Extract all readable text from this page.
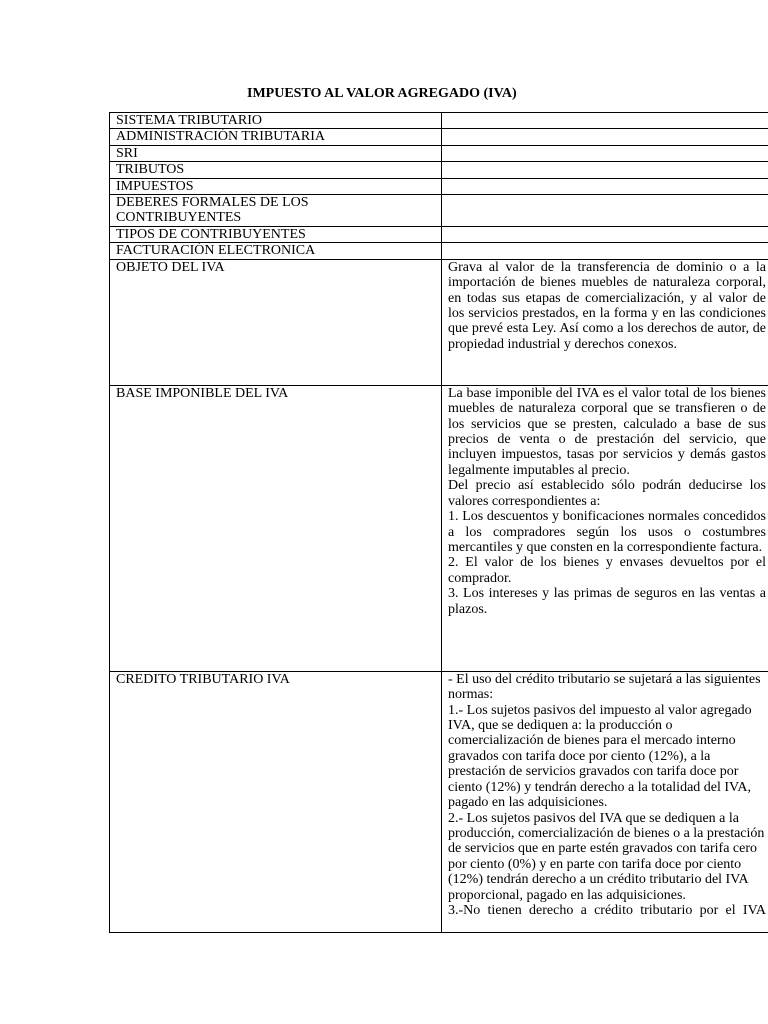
IMPUESTO AL VALOR AGREGADO (IVA)
SISTEMA TRIBUTARIO	
ADMINISTRACIÓN TRIBUTARIA	
SRI	
TRIBUTOS	
IMPUESTOS	
DEBERES FORMALES DE LOS CONTRIBUYENTES	
TIPOS DE CONTRIBUYENTES	
FACTURACIÓN ELECTRONICA	
OBJETO DEL IVA	Grava al valor de la transferencia de dominio o a la importación de bienes muebles de naturaleza corporal, en todas sus etapas de comercialización, y al valor de los servicios prestados, en la forma y en las condiciones que prevé esta Ley. Así como a los derechos de autor, de propiedad industrial y derechos conexos.

BASE IMPONIBLE DEL IVA	La base imponible del IVA es el valor total de los bienes muebles de naturaleza corporal que se transfieren o de los servicios que se presten, calculado a base de sus precios de venta o de prestación del servicio, que incluyen impuestos, tasas por servicios y demás gastos legalmente imputables al precio.
Del precio así establecido sólo podrán deducirse los valores correspondientes a:
1. Los descuentos y bonificaciones normales concedidos a los compradores según los usos o costumbres mercantiles y que consten en la correspondiente factura.
2. El valor de los bienes y envases devueltos por el comprador.
3. Los intereses y las primas de seguros en las ventas a plazos.

CREDITO TRIBUTARIO IVA	- El uso del crédito tributario se sujetará a las siguientes normas:
1.- Los sujetos pasivos del impuesto al valor agregado IVA, que se dediquen a: la producción o comercialización de bienes para el mercado interno gravados con tarifa doce por ciento (12%), a la prestación de servicios gravados con tarifa doce por ciento (12%) y tendrán derecho a la totalidad del IVA, pagado en las adquisiciones.
2.- Los sujetos pasivos del IVA que se dediquen a la producción, comercialización de bienes o a la prestación de servicios que en parte estén gravados con tarifa cero por ciento (0%) y en parte con tarifa doce por ciento (12%) tendrán derecho a un crédito tributario del IVA proporcional, pagado en las adquisiciones.
3.-No tienen derecho a crédito tributario por el IVA
